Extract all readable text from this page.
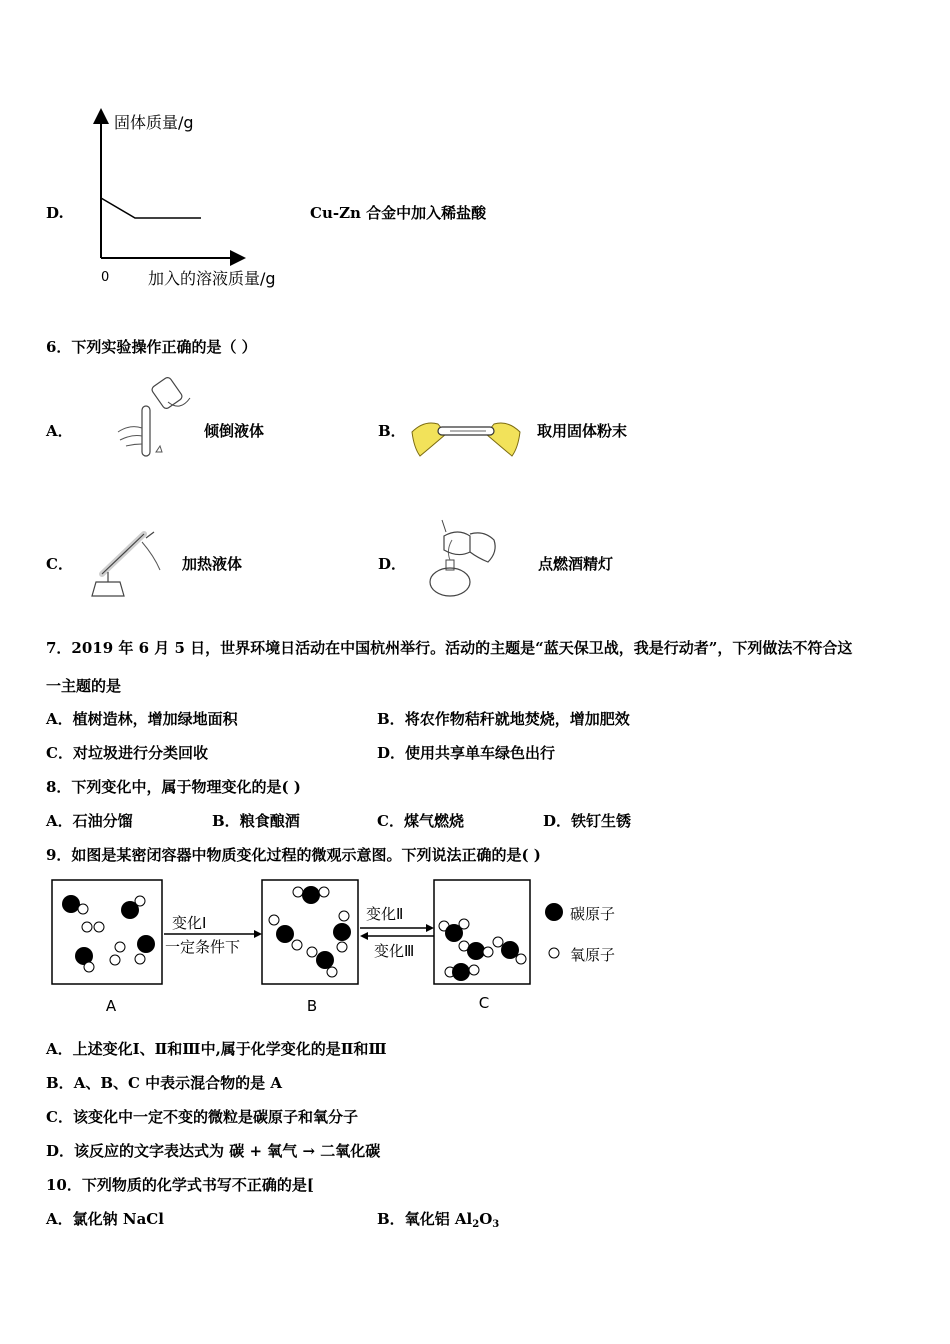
D.
固体质量/g
0 加入的溶液质量/g
Cu-Zn 合金中加入稀盐酸
6．下列实验操作正确的是（ ）
A．	倾倒液体	B．	取用固体粉末
C．	加热液体	D．	点燃酒精灯
7．2019 年 6 月 5 日，世界环境日活动在中国杭州举行。活动的主题是“蓝天保卫战，我是行动者”，下列做法不符合这
一主题的是
A．植树造林，增加绿地面积	B．将农作物秸秆就地焚烧，增加肥效
C．对垃圾进行分类回收	D．使用共享单车绿色出行
8．下列变化中，属于物理变化的是( )
A．石油分馏	B．粮食酿酒	C．煤气燃烧	D．铁钉生锈
9．如图是某密闭容器中物质变化过程的微观示意图。下列说法正确的是( )
变化Ⅰ
一定条件下
变化Ⅱ
变化Ⅲ
碳原子
氧原子
A	B	C
A．上述变化Ⅰ、Ⅱ和Ⅲ中,属于化学变化的是Ⅱ和Ⅲ
B．A、B、C 中表示混合物的是 A
C．该变化中一定不变的微粒是碳原子和氧分子
D．该反应的文字表达式为 碳 + 氧气 → 二氧化碳
10．下列物质的化学式书写不正确的是[
A．氯化钠 NaCl	B．氧化铝 $Al_2O_3$
